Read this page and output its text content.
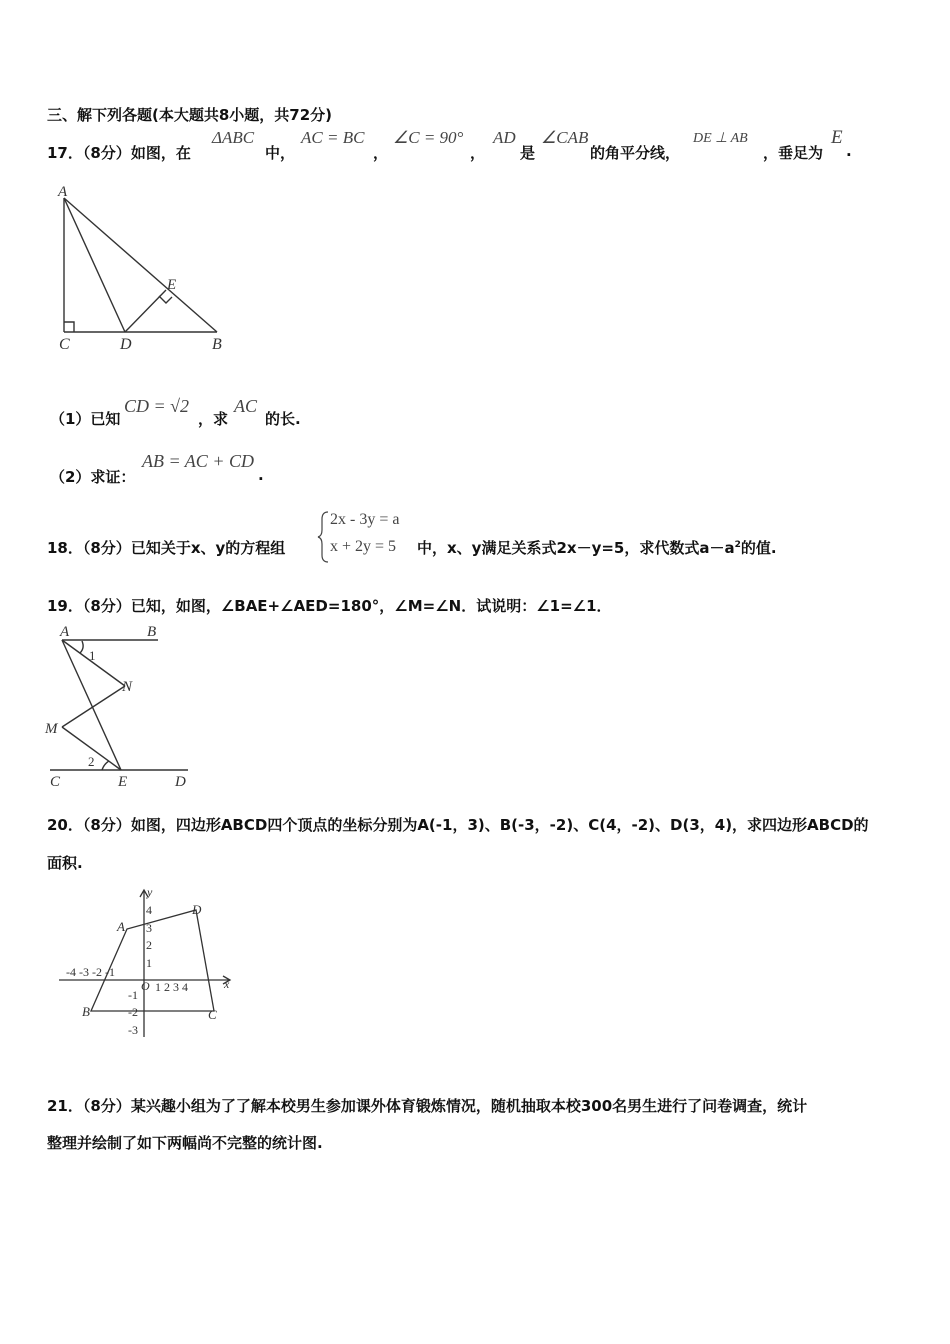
三、解下列各题(本大题共8小题，共72分)
17．（8分）如图，在
ΔABC
中，
AC = BC
，
∠C = 90°
，
AD
是
∠CAB
的角平分线，
DE ⊥ AB
，垂足为
E
.
A
C	D	B
E
（1）已知
CD = √2
，求
AC
的长.
（2）求证：
AB = AC + CD
.
18．（8分）已知关于x、y的方程组
2x - 3y = a
x + 2y = 5 中，x、y满足关系式2x－y=5，求代数式$a-a^2$的值.
19．（8分）已知，如图，∠BAE+∠AED=180°，∠M=∠N．试说明：∠1=∠1．
A	B
N
M
C	E	D
1
2
20．（8分）如图，四边形ABCD四个顶点的坐标分别为A(-1，3)、B(-3，-2)、C(4，-2)、D(3，4)，求四边形ABCD的
面积.
y
x
O
-4 -3 -2 -1
1 2 3 4
4
3
2
1
-1
-2
-3
A
B	C
D
21．（8分）某兴趣小组为了了解本校男生参加课外体育锻炼情况，随机抽取本校300名男生进行了问卷调查，统计
整理并绘制了如下两幅尚不完整的统计图.
